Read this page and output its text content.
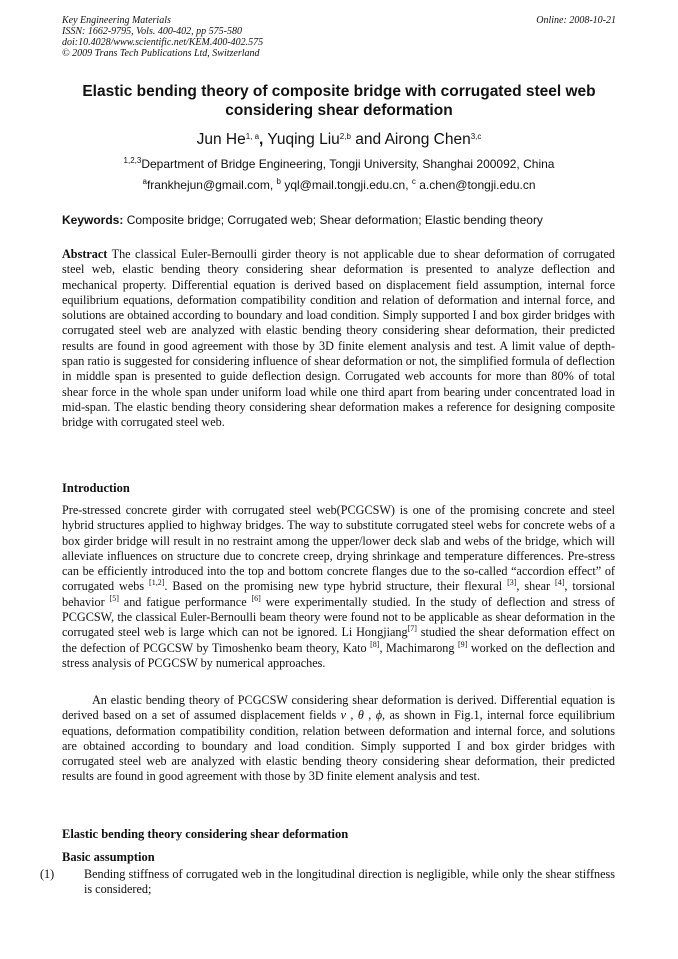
Key Engineering Materials
ISSN: 1662-9795, Vols. 400-402, pp 575-580
doi:10.4028/www.scientific.net/KEM.400-402.575
© 2009 Trans Tech Publications Ltd, Switzerland
Online: 2008-10-21
Elastic bending theory of composite bridge with corrugated steel web considering shear deformation
Jun He$^{1, a}$, Yuqing Liu$^{2,b}$ and Airong Chen$^{3,c}$
$^{1,2,3}$Department of Bridge Engineering, Tongji University, Shanghai 200092, China
$^a$frankhejun@gmail.com, $^b$ yql@mail.tongji.edu.cn, $^c$ a.chen@tongji.edu.cn
Keywords: Composite bridge; Corrugated web; Shear deformation; Elastic bending theory
Abstract The classical Euler-Bernoulli girder theory is not applicable due to shear deformation of corrugated steel web, elastic bending theory considering shear deformation is presented to analyze deflection and mechanical property. Differential equation is derived based on displacement field assumption, internal force equilibrium equations, deformation compatibility condition and relation of deformation and internal force, and solutions are obtained according to boundary and load condition. Simply supported I and box girder bridges with corrugated steel web are analyzed with elastic bending theory considering shear deformation, their predicted results are found in good agreement with those by 3D finite element analysis and test. A limit value of depth-span ratio is suggested for considering influence of shear deformation or not, the simplified formula of deflection in middle span is presented to guide deflection design. Corrugated web accounts for more than 80% of total shear force in the whole span under uniform load while one third apart from bearing under concentrated load in mid-span. The elastic bending theory considering shear deformation makes a reference for designing composite bridge with corrugated steel web.
Introduction
Pre-stressed concrete girder with corrugated steel web(PCGCSW) is one of the promising concrete and steel hybrid structures applied to highway bridges. The way to substitute corrugated steel webs for concrete webs of a box girder bridge will result in no restraint among the upper/lower deck slab and webs of the bridge, which will alleviate influences on structure due to concrete creep, drying shrinkage and temperature differences. Pre-stress can be efficiently introduced into the top and bottom concrete flanges due to the so-called “accordion effect” of corrugated webs [1,2]. Based on the promising new type hybrid structure, their flexural [3], shear [4], torsional behavior [5] and fatigue performance [6] were experimentally studied. In the study of deflection and stress of PCGCSW, the classical Euler-Bernoulli beam theory were found not to be applicable as shear deformation in the corrugated steel web is large which can not be ignored. Li Hongjiang[7] studied the shear deformation effect on the defection of PCGCSW by Timoshenko beam theory, Kato [8], Machimarong [9] worked on the deflection and stress analysis of PCGCSW by numerical approaches.
An elastic bending theory of PCGCSW considering shear deformation is derived. Differential equation is derived based on a set of assumed displacement fields v , θ , ϕ, as shown in Fig.1, internal force equilibrium equations, deformation compatibility condition, relation between deformation and internal force, and solutions are obtained according to boundary and load condition. Simply supported I and box girder bridges with corrugated steel web are analyzed with elastic bending theory considering shear deformation, their predicted results are found in good agreement with those by 3D finite element analysis and test.
Elastic bending theory considering shear deformation
Basic assumption
(1) Bending stiffness of corrugated web in the longitudinal direction is negligible, while only the shear stiffness is considered;
